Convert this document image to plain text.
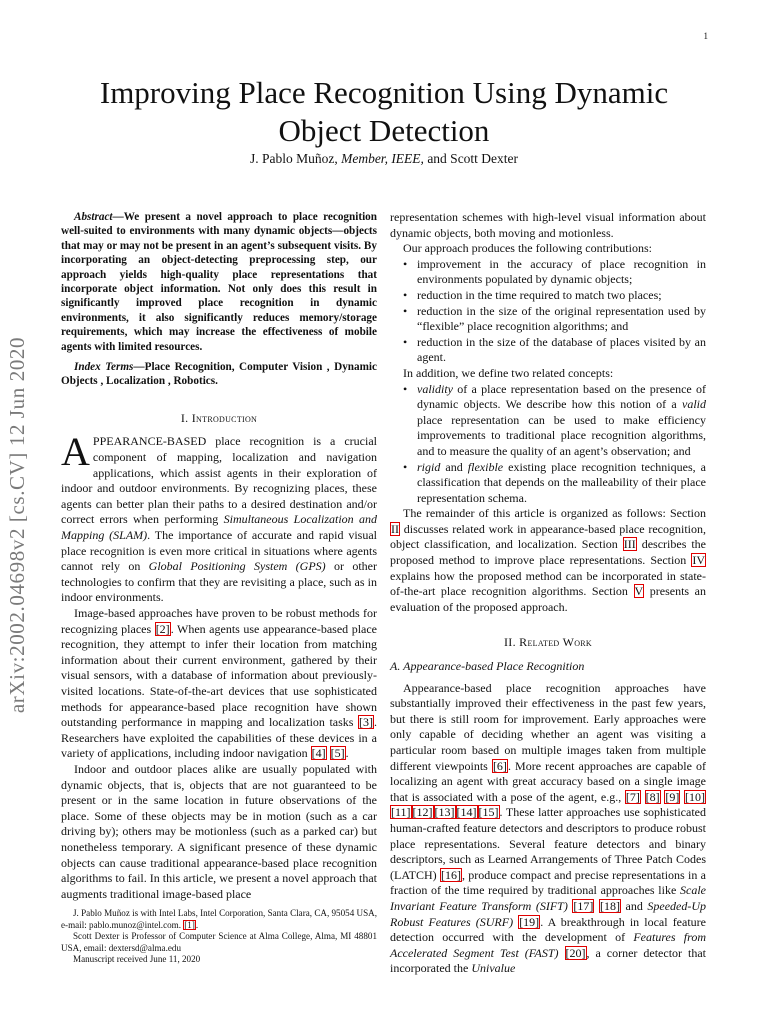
1
arXiv:2002.04698v2 [cs.CV] 12 Jun 2020
Improving Place Recognition Using Dynamic Object Detection
J. Pablo Muñoz, Member, IEEE, and Scott Dexter

Abstract—We present a novel approach to place recognition well-suited to environments with many dynamic objects—objects that may or may not be present in an agent’s subsequent visits. By incorporating an object-detecting preprocessing step, our approach yields high-quality place representations that incorporate object information. Not only does this result in significantly improved place recognition in dynamic environments, it also significantly reduces memory/storage requirements, which may increase the effectiveness of mobile agents with limited resources.

Index Terms—Place Recognition, Computer Vision , Dynamic Objects , Localization , Robotics.

I. Introduction

APPEARANCE-BASED place recognition is a crucial component of mapping, localization and navigation applications, which assist agents in their exploration of indoor and outdoor environments. By recognizing places, these agents can better plan their paths to a desired destination and/or correct errors when performing Simultaneous Localization and Mapping (SLAM). The importance of accurate and rapid visual place recognition is even more critical in situations where agents cannot rely on Global Positioning System (GPS) or other technologies to confirm that they are revisiting a place, such as in indoor environments.

Image-based approaches have proven to be robust methods for recognizing places [2]. When agents use appearance-based place recognition, they attempt to infer their location from matching information about their current environment, gathered by their visual sensors, with a database of information about previously-visited locations. State-of-the-art devices that use sophisticated methods for appearance-based place recognition have shown outstanding performance in mapping and localization tasks [3]. Researchers have exploited the capabilities of these devices in a variety of applications, including indoor navigation [4] [5].

Indoor and outdoor places alike are usually populated with dynamic objects, that is, objects that are not guaranteed to be present or in the same location in future observations of the place. Some of these objects may be in motion (such as a car driving by); others may be motionless (such as a parked car) but nonetheless temporary. A significant presence of these dynamic objects can cause traditional appearance-based place recognition algorithms to fail. In this article, we present a novel approach that augments traditional image-based place

J. Pablo Muñoz is with Intel Labs, Intel Corporation, Santa Clara, CA, 95054 USA, e-mail: pablo.munoz@intel.com. [1].

Scott Dexter is Professor of Computer Science at Alma College, Alma, MI 48801 USA, email: dextersd@alma.edu

Manuscript received June 11, 2020

representation schemes with high-level visual information about dynamic objects, both moving and motionless.

Our approach produces the following contributions:

• improvement in the accuracy of place recognition in environments populated by dynamic objects;
• reduction in the time required to match two places;
• reduction in the size of the original representation used by “flexible” place recognition algorithms; and
• reduction in the size of the database of places visited by an agent.

In addition, we define two related concepts:

• validity of a place representation based on the presence of dynamic objects. We describe how this notion of a valid place representation can be used to make efficiency improvements to traditional place recognition algorithms, and to measure the quality of an agent’s observation; and
• rigid and flexible existing place recognition techniques, a classification that depends on the malleability of their place representation schema.

The remainder of this article is organized as follows: Section II discusses related work in appearance-based place recognition, object classification, and localization. Section III describes the proposed method to improve place representations. Section IV explains how the proposed method can be incorporated in state-of-the-art place recognition algorithms. Section V presents an evaluation of the proposed approach.

II. Related Work
A. Appearance-based Place Recognition

Appearance-based place recognition approaches have substantially improved their effectiveness in the past few years, but there is still room for improvement. Early approaches were only capable of deciding whether an agent was visiting a particular room based on multiple images taken from multiple different viewpoints [6]. More recent approaches are capable of localizing an agent with great accuracy based on a single image that is associated with a pose of the agent, e.g., [7] [8] [9] [10] [11] [12] [13] [14] [15]. These latter approaches use sophisticated human-crafted feature detectors and descriptors to produce robust place representations. Several feature detectors and binary descriptors, such as Learned Arrangements of Three Patch Codes (LATCH) [16], produce compact and precise representations in a fraction of the time required by traditional approaches like Scale Invariant Feature Transform (SIFT) [17] [18] and Speeded-Up Robust Features (SURF) [19]. A breakthrough in local feature detection occurred with the development of Features from Accelerated Segment Test (FAST) [20], a corner detector that incorporated the Univalue
